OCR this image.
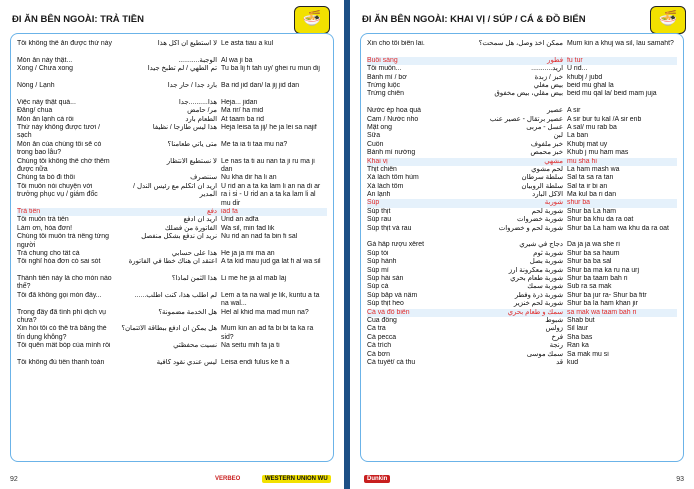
ĐI ĂN BÊN NGOÀI: TRẢ TIỀN	🍜
Tôi không thể ăn được thứ này	لا أستطيع أن آكل هذا Le asta tiau a kul
Món ăn này thật...	الوجبة........... Al wa ji ba
Xong / Chưa xong	تم الطهي / لم تطبخ جيدا Tu ba lij fi tah uy/ ghei ru mun dij
Nóng / Lạnh	بارد جدا / حار جدا Ba rid jid dan/ la jij jid dan
Việc này thật quá...	هذا..........جدا Heja... jidan
Đắng/ chua	مر/ حامض Ma rir/ ha mid
Món ăn lạnh cả rồi	الطعام بارد At taam ba rid
Thứ này không được tươi / sạch
هذا ليس طازجا / نظيفا Heja leisa ta jij/ he ja lei sa najif
Món ăn của chúng tôi sẽ có trong bao lâu?
متى يأتي طعامنا؟ Me ta ia ti taa mu na?
Chúng tôi không thể chờ thêm được nữa
لا نستطيع الانتظار Le nas ta ti au nan ta ji ru ma ji dan
Chúng ta bỏ đi thôi	سننصرف Nu kha dir ha li an
Tôi muốn nói chuyện với trưởng phục vụ / giám đốc
أريد أن أتكلم مع رئيس الندل / المدير
U rid an a ta ka lam li an na di ar ra i si - U rid an a ta ka lam li al mu dir
Trả tiền	دفع iad fa
Tôi muốn trả tiền	أريد أن أدفع Urid an adfa
Làm ơn, hóa đơn!	الفاتورة من فضلك Wa sil, min fad lik
Chúng tôi muốn trả riêng từng người
نريد أن ندفع بشكل منفصل Nu rid an nad fa bin fi sal
Trả chung cho tất cả	هذا على حسابي He ja ja mi ma an
Tôi nghĩ hóa đơn có sai sót	أعتقد أن هناك خطأ في الفاتورة A ta kid mau jud ga lat fi al wa sil
Thành tiền này là cho món nào thế?
هذا الثمن لماذا؟ Li me he ja al mab laj
Tôi đã không gọi món đấy...	لم أطلب هذا، كنت أطلب...... Lem a ta na wal je lik, kuntu a ta na wal...
Trong đây đã tính phí dịch vụ chưa?
هل الخدمة مضمونة؟ Hel al khid ma mad mun na?
Xin hỏi tôi có thể trả bằng thẻ tín dụng không?
هل يمكن أن أدفع ببطاقة الائتمان؟ Mum kin an ad fa bi bi ta ka ra sid?
Tôi quên mất bóp của mình rồi	نسيت محفظتي Na seitu mih fa ja ti
Tôi không đủ tiền thanh toán	ليس عندي نقود كافية Leisa endi fulus ke fi a
92	VERBEO	WESTERN UNION WU
ĐI ĂN BÊN NGOÀI: KHAI VỊ / SÚP / CÁ & ĐỒ BIỂN	🍜
Xin cho tôi biên lai.	ممكن أخذ وصل، هل سمحت؟ Mum kin a khuj wa sil, lau samaht?
Buổi sáng	فطور fu tur
Tôi muốn...	أريد........... U rid...
Bánh mì / bơ	خبز / زبدة khubj / jubd
Trứng luộc	بيض مغلي beid mu ghal la
Trứng chiên	بيض مقلي، بيض مخفوق beid mu qal la/ beid mam juja
Nước ép hoa quả	عصير A sir
Cam / Nước nho	عصير برتقال - عصير عنب A sir bur tu kal /A sir enb
Mật ong	عسل - مربى A sal/ mu rab ba
Sữa	لبن La ban
Cuốn	خبز ملفوف Khubj mat uy
Bánh mì nướng	خبز محمص Khub j mu ham mas
Khai vị	مشهي mu sha hi
Thịt chiên	لحم مشوي La ham mash wa
Xà lách tôm hùm	سلطة سرطان Sal ta sa ra tan
Xà lách tôm	سلطة الروبيان Sal ta ir bi an
Ăn lạnh	الأكل البارد Ma kul ba ri dan
Súp	شوربة shur ba
Súp thịt	شوربة لحم Shur ba La ham
Súp rau	شوربة خضروات Shur ba khu da ra oat
Súp thịt và rau	شوربة لحم و خضروات Shur ba La ham wa khu da ra oat
Gà hấp rượu xêret	دجاج في شيري Da ja ja wa she ri
Súp tỏi	شوربة ثوم Shur ba sa haum
Súp hành	شوربة بصل Shur ba ba sal
Súp mì	شوربة معكرونة أرز Shur ba ma ka ru na urj
Súp hải sản	شوربة طعام بحري Shur ba taam bah ri
Súp cá	شوربة سمك Sub ra sa mak
Súp bắp và nấm	شوربة ذرة وفطر Shur ba jur ra- Shur ba fitr
Súp thịt heo	شوربة لحم خنزير Shur ba la ham khan jir
Cá và đồ biển	سمك و طعام بحري sa mak wa taam bah ri
Cua đồng	شبوط Shab but
Ca tra	زولس Sil laur
Cá pecca	فرخ Sha bas
Cá trích	رنجة Ran ka
Cá bơn	سمك موسى Sa mak mu si
Cá tuyết/ cá thu	قد kud
93
Dunkin
